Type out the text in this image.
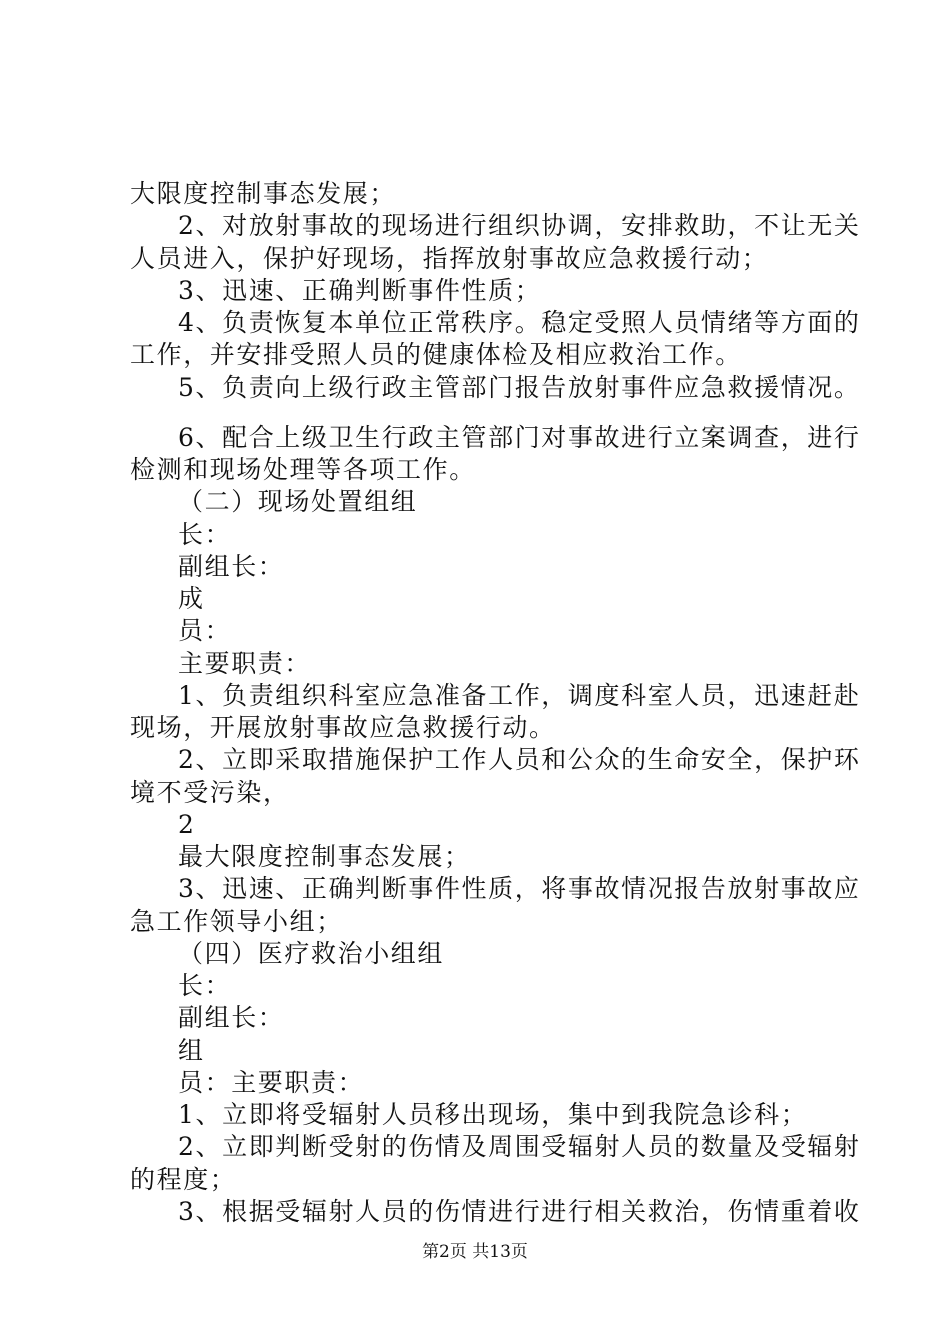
大限度控制事态发展；
2、对放射事故的现场进行组织协调，安排救助，不让无关
人员进入，保护好现场，指挥放射事故应急救援行动；
3、迅速、正确判断事件性质；
4、负责恢复本单位正常秩序。稳定受照人员情绪等方面的
工作，并安排受照人员的健康体检及相应救治工作。
5、负责向上级行政主管部门报告放射事件应急救援情况。
6、配合上级卫生行政主管部门对事故进行立案调查，进行
检测和现场处理等各项工作。
（二）现场处置组组
长：
副组长：
成
员：
主要职责：
1、负责组织科室应急准备工作，调度科室人员，迅速赶赴
现场，开展放射事故应急救援行动。
2、立即采取措施保护工作人员和公众的生命安全，保护环
境不受污染，
2
最大限度控制事态发展；
3、迅速、正确判断事件性质，将事故情况报告放射事故应
急工作领导小组；
（四）医疗救治小组组
长：
副组长：
组
员：主要职责：
1、立即将受辐射人员移出现场，集中到我院急诊科；
2、立即判断受射的伤情及周围受辐射人员的数量及受辐射
的程度；
3、根据受辐射人员的伤情进行进行相关救治，伤情重着收
第2页 共13页
